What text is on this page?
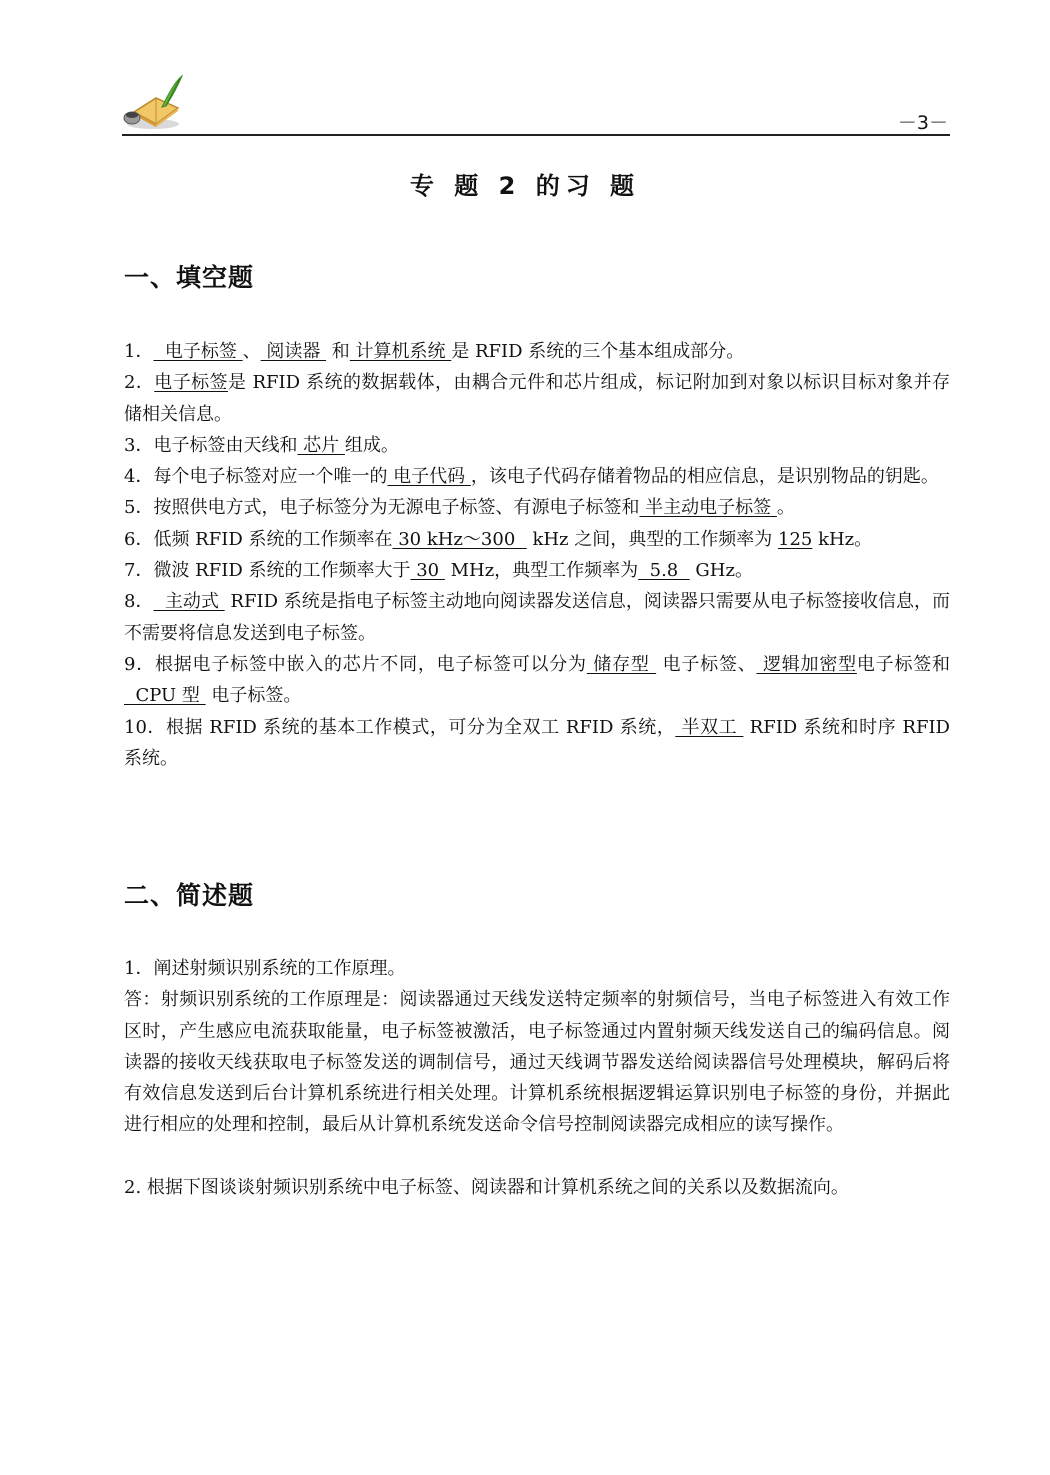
－3－
专 题 2 的习 题
一、填空题

1．  电子标签 、 阅读器  和 计算机系统 是 RFID 系统的三个基本组成部分。

2．电子标签是 RFID 系统的数据载体，由耦合元件和芯片组成，标记附加到对象以标识目标对象并存储相关信息。

3．电子标签由天线和 芯片 组成。

4．每个电子标签对应一个唯一的 电子代码 ，该电子代码存储着物品的相应信息，是识别物品的钥匙。

5．按照供电方式，电子标签分为无源电子标签、有源电子标签和 半主动电子标签 。

6．低频 RFID 系统的工作频率在 30 kHz～300   kHz 之间，典型的工作频率为 125 kHz。

7．微波 RFID 系统的工作频率大于 30  MHz，典型工作频率为  5.8   GHz。

8．  主动式  RFID 系统是指电子标签主动地向阅读器发送信息，阅读器只需要从电子标签接收信息，而不需要将信息发送到电子标签。

9．根据电子标签中嵌入的芯片不同，电子标签可以分为 储存型  电子标签、 逻辑加密型电子标签和  CPU 型  电子标签。

10．根据 RFID 系统的基本工作模式，可分为全双工 RFID 系统， 半双工  RFID 系统和时序 RFID 系统。

二、简述题

1．阐述射频识别系统的工作原理。

答：射频识别系统的工作原理是：阅读器通过天线发送特定频率的射频信号，当电子标签进入有效工作区时，产生感应电流获取能量，电子标签被激活，电子标签通过内置射频天线发送自己的编码信息。阅读器的接收天线获取电子标签发送的调制信号，通过天线调节器发送给阅读器信号处理模块，解码后将有效信息发送到后台计算机系统进行相关处理。计算机系统根据逻辑运算识别电子标签的身份，并据此进行相应的处理和控制，最后从计算机系统发送命令信号控制阅读器完成相应的读写操作。

2. 根据下图谈谈射频识别系统中电子标签、阅读器和计算机系统之间的关系以及数据流向。
